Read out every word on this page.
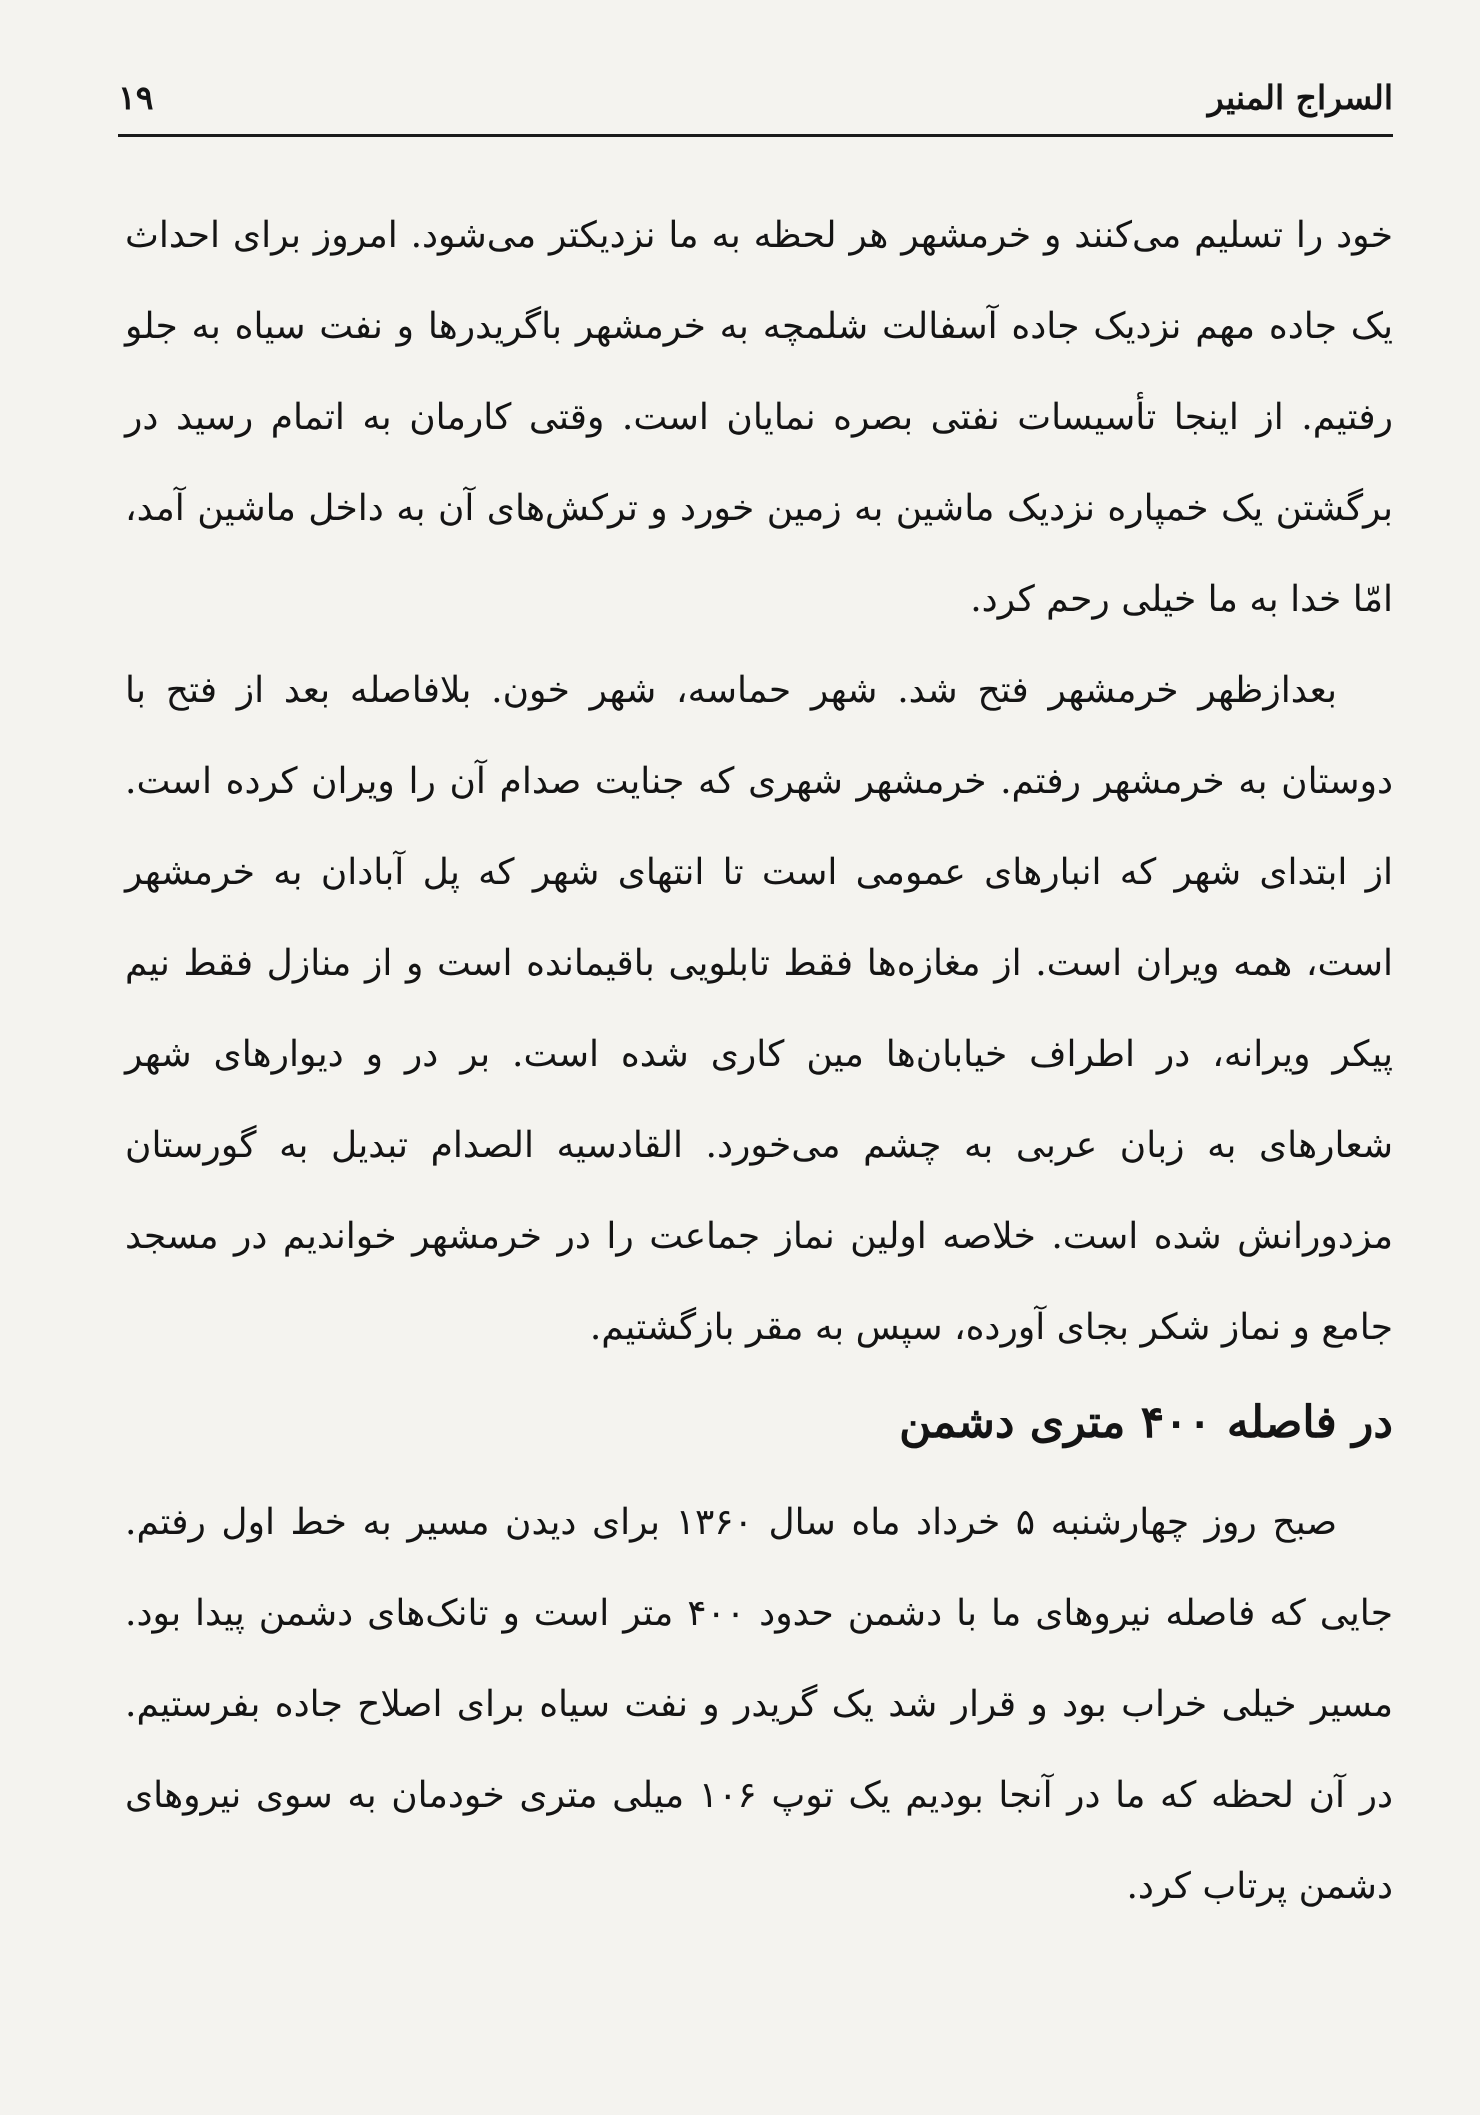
السراج المنیر
۱۹

خود را تسلیم می‌کنند و خرمشهر هر لحظه به ما نزدیکتر می‌شود. امروز برای احداث یک جاده مهم نزدیک جاده آسفالت شلمچه به خرمشهر باگریدرها و نفت سیاه به جلو رفتیم. از اینجا تأسیسات نفتی بصره نمایان است. وقتی کارمان به اتمام رسید در برگشتن یک خمپاره نزدیک ماشین به زمین خورد و ترکش‌های آن به داخل ماشین آمد، امّا خدا به ما خیلی رحم کرد.

بعدازظهر خرمشهر فتح شد. شهر حماسه، شهر خون. بلافاصله بعد از فتح با دوستان به خرمشهر رفتم. خرمشهر شهری که جنایت صدام آن را ویران کرده است. از ابتدای شهر که انبارهای عمومی است تا انتهای شهر که پل آبادان به خرمشهر است، همه ویران است. از مغازه‌ها فقط تابلویی باقیمانده است و از منازل فقط نیم پیکر ویرانه، در اطراف خیابان‌ها مین کاری شده است. بر در و دیوارهای شهر شعارهای به زبان عربی به چشم می‌خورد. القادسیه الصدام تبدیل به گورستان مزدورانش شده است. خلاصه اولین نماز جماعت را در خرمشهر خواندیم در مسجد جامع و نماز شکر بجای آورده، سپس به مقر بازگشتیم.

در فاصله ۴۰۰ متری دشمن

صبح روز چهارشنبه ۵ خرداد ماه سال ۱۳۶۰ برای دیدن مسیر به خط اول رفتم. جایی که فاصله نیروهای ما با دشمن حدود ۴۰۰ متر است و تانک‌های دشمن پیدا بود. مسیر خیلی خراب بود و قرار شد یک گریدر و نفت سیاه برای اصلاح جاده بفرستیم. در آن لحظه که ما در آنجا بودیم یک توپ ۱۰۶ میلی متری خودمان به سوی نیروهای دشمن پرتاب کرد.
